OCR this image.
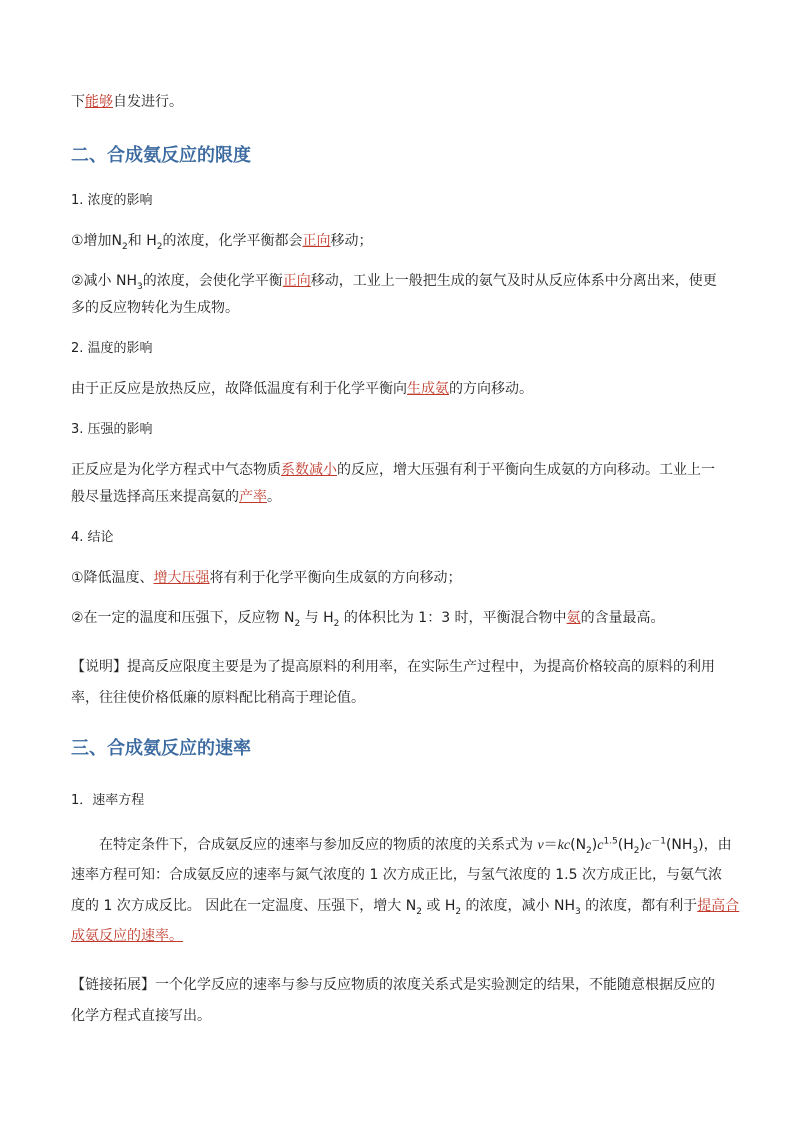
下能够自发进行。
二、合成氨反应的限度
1. 浓度的影响
①增加$N_2$和 $H_2$的浓度，化学平衡都会正向移动；
②减小 $NH_3$的浓度，会使化学平衡正向移动，工业上一般把生成的氨气及时从反应体系中分离出来，使更
多的反应物转化为生成物。
2. 温度的影响
由于正反应是放热反应，故降低温度有利于化学平衡向生成氨的方向移动。
3. 压强的影响
正反应是为化学方程式中气态物质系数减小的反应，增大压强有利于平衡向生成氨的方向移动。工业上一
般尽量选择高压来提高氨的产率。
4. 结论
①降低温度、增大压强将有利于化学平衡向生成氨的方向移动；
②在一定的温度和压强下，反应物 $N_2$ 与 $H_2$ 的体积比为 1：3 时，平衡混合物中氨的含量最高。
【说明】提高反应限度主要是为了提高原料的利用率，在实际生产过程中，为提高价格较高的原料的利用
率，往往使价格低廉的原料配比稍高于理论值。
三、合成氨反应的速率
1．速率方程
在特定条件下，合成氨反应的速率与参加反应的物质的浓度的关系式为 $v=kc(N_2)c^{1.5}(H_2)c^{-1}(NH_3)$，由
速率方程可知：合成氨反应的速率与氮气浓度的 1 次方成正比，与氢气浓度的 1.5 次方成正比，与氨气浓
度的 1 次方成反比。 因此在一定温度、压强下，增大 $N_2$ 或 $H_2$ 的浓度，减小 $NH_3$ 的浓度，都有利于提高合
成氨反应的速率。
【链接拓展】一个化学反应的速率与参与反应物质的浓度关系式是实验测定的结果，不能随意根据反应的
化学方程式直接写出。
